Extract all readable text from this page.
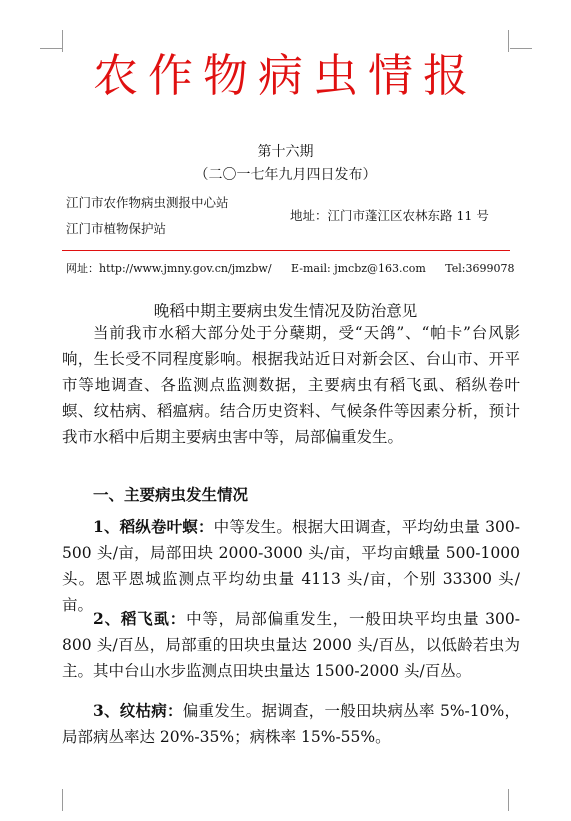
农作物病虫情报
第十六期
（二〇一七年九月四日发布）
江门市农作物病虫测报中心站
江门市植物保护站
地址：江门市蓬江区农林东路 11 号
网址：http://www.jmny.gov.cn/jmzbw/ E-mail: jmcbz@163.com Tel:3699078
晚稻中期主要病虫发生情况及防治意见
当前我市水稻大部分处于分蘖期，受“天鸽”、“帕卡”台风影响，生长受不同程度影响。根据我站近日对新会区、台山市、开平市等地调查、各监测点监测数据，主要病虫有稻飞虱、稻纵卷叶螟、纹枯病、稻瘟病。结合历史资料、气候条件等因素分析，预计我市水稻中后期主要病虫害中等，局部偏重发生。
一、主要病虫发生情况
1、稻纵卷叶螟：中等发生。根据大田调查，平均幼虫量 300-500 头/亩，局部田块 2000-3000 头/亩，平均亩蛾量 500-1000 头。恩平恩城监测点平均幼虫量 4113 头/亩，个别 33300 头/亩。
2、稻飞虱：中等，局部偏重发生，一般田块平均虫量 300-800 头/百丛，局部重的田块虫量达 2000 头/百丛，以低龄若虫为主。其中台山水步监测点田块虫量达 1500-2000 头/百丛。
3、纹枯病：偏重发生。据调查，一般田块病丛率 5%-10%，局部病丛率达 20%-35%；病株率 15%-55%。
